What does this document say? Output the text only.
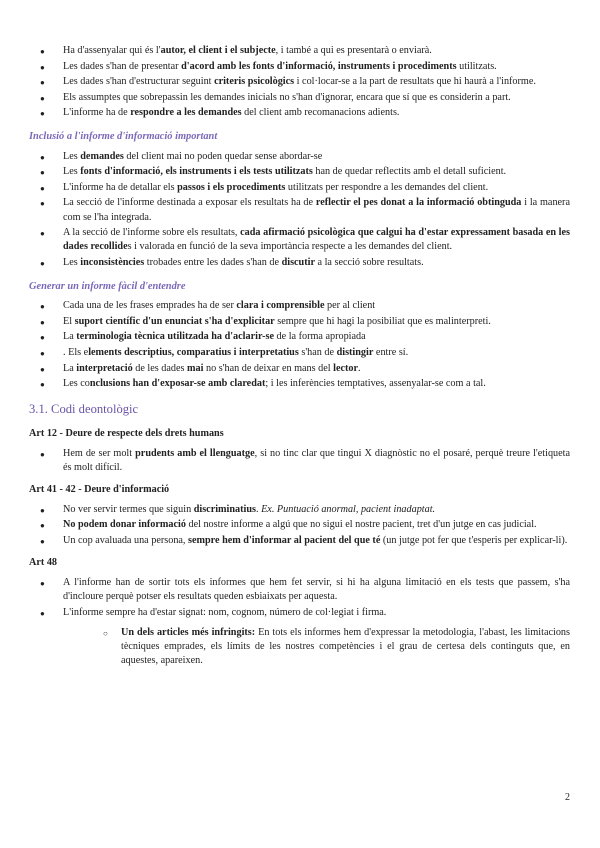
● Ha d'assenyalar qui és l'autor, el client i el subjecte, i també a qui es presentarà o enviarà.
● Les dades s'han de presentar d'acord amb les fonts d'informació, instruments i procediments utilitzats.
● Les dades s'han d'estructurar seguint criteris psicològics i col·locar-se a la part de resultats que hi haurà a l'informe.
● Els assumptes que sobrepassin les demandes inicials no s'han d'ignorar, encara que sí que es considerin a part.
● L'informe ha de respondre a les demandes del client amb recomanacions adients.
Inclusió a l'informe d'informació important
● Les demandes del client mai no poden quedar sense abordar-se
● Les fonts d'informació, els instruments i els tests utilitzats han de quedar reflectits amb el detall suficient.
● L'informe ha de detallar els passos i els procediments utilitzats per respondre a les demandes del client.
● La secció de l'informe destinada a exposar els resultats ha de reflectir el pes donat a la informació obtinguda i la manera com se l'ha integrada.
● A la secció de l'informe sobre els resultats, cada afirmació psicològica que calgui ha d'estar expressament basada en les dades recollides i valorada en funció de la seva importància respecte a les demandes del client.
● Les inconsistències trobades entre les dades s'han de discutir a la secció sobre resultats.
Generar un informe fàcil d'entendre
● Cada una de les frases emprades ha de ser clara i comprensible per al client
● El suport científic d'un enunciat s'ha d'explicitar sempre que hi hagi la posibiliat que es malinterpreti.
● La terminologia tècnica utilitzada ha d'aclarir-se de la forma apropiada
● . Els elements descriptius, comparatius i interpretatius s'han de distingir entre sí.
● La interpretació de les dades mai no s'han de deixar en mans del lector.
● Les conclusions han d'exposar-se amb claredat; i les inferències temptatives, assenyalar-se com a tal.
3.1. Codi deontològic
Art 12 - Deure de respecte dels drets humans
● Hem de ser molt prudents amb el llenguatge, si no tinc clar que tingui X diagnòstic no el posaré, perquè treure l'etiqueta és molt difícil.
Art 41 - 42 - Deure d'informació
● No ver servir termes que siguin discriminatius. Ex. Puntuació anormal, pacient inadaptat.
● No podem donar informació del nostre informe a algú que no sigui el nostre pacient, tret d'un jutge en cas judicial.
● Un cop avaluada una persona, sempre hem d'informar al pacient del que té (un jutge pot fer que t'esperis per explicar-li).
Art 48
● A l'informe han de sortir tots els informes que hem fet servir, si hi ha alguna limitació en els tests que passem, s'ha d'incloure perquè potser els resultats queden esbiaixats per aquesta.
● L'informe sempre ha d'estar signat: nom, cognom, número de col·legiat i firma.
○ Un dels articles més infringits: En tots els informes hem d'expressar la metodologia, l'abast, les limitacions tècniques emprades, els límits de les nostres competències i el grau de certesa dels continguts que, en aquestes, apareixen.
2
